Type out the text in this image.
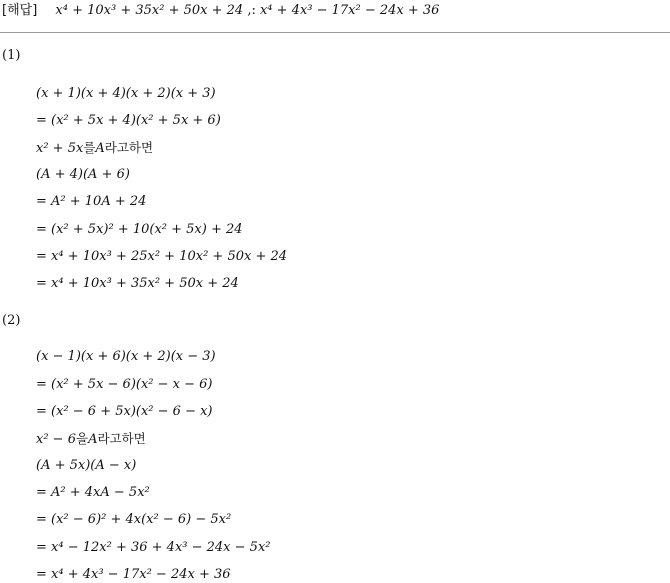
[해답] x⁴ + 10x³ + 35x² + 50x + 24 ,: x⁴ + 4x³ − 17x² − 24x + 36
(1)
(x + 1)(x + 4)(x + 2)(x + 3)
= (x² + 5x + 4)(x² + 5x + 6)
x² + 5x를A라고하면
(A + 4)(A + 6)
= A² + 10A + 24
= (x² + 5x)² + 10(x² + 5x) + 24
= x⁴ + 10x³ + 25x² + 10x² + 50x + 24
= x⁴ + 10x³ + 35x² + 50x + 24
(2)
(x − 1)(x + 6)(x + 2)(x − 3)
= (x² + 5x − 6)(x² − x − 6)
= (x² − 6 + 5x)(x² − 6 − x)
x² − 6을A라고하면
(A + 5x)(A − x)
= A² + 4xA − 5x²
= (x² − 6)² + 4x(x² − 6) − 5x²
= x⁴ − 12x² + 36 + 4x³ − 24x − 5x²
= x⁴ + 4x³ − 17x² − 24x + 36
